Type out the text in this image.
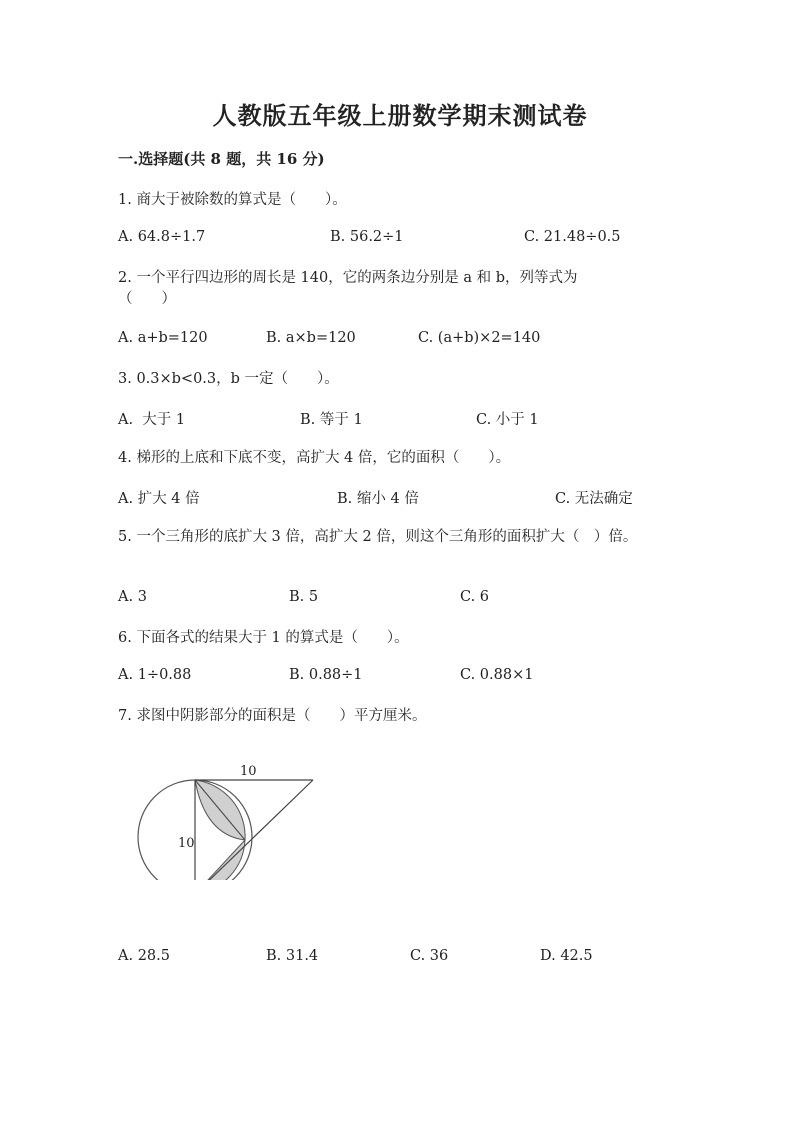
人教版五年级上册数学期末测试卷
一.选择题(共 8 题，共 16 分)
1. 商大于被除数的算式是（　　）。
A. 64.8÷1.7	B. 56.2÷1	C. 21.48÷0.5
2. 一个平行四边形的周长是 140，它的两条边分别是 a 和 b，列等式为（　　）
A. a+b=120	B. a×b=120	C. (a+b)×2=140
3. 0.3×b<0.3，b 一定（　　）。
A.  大于 1	B. 等于 1	C. 小于 1
4. 梯形的上底和下底不变，高扩大 4 倍，它的面积（　　）。
A. 扩大 4 倍	B. 缩小 4 倍	C. 无法确定
5. 一个三角形的底扩大 3 倍，高扩大 2 倍，则这个三角形的面积扩大（　）倍。
A. 3	B. 5	C. 6
6. 下面各式的结果大于 1 的算式是（　　）。
A. 1÷0.88	B. 0.88÷1	C. 0.88×1
7. 求图中阴影部分的面积是（　　）平方厘米。
10
10
A. 28.5	B. 31.4	C. 36	D. 42.5
